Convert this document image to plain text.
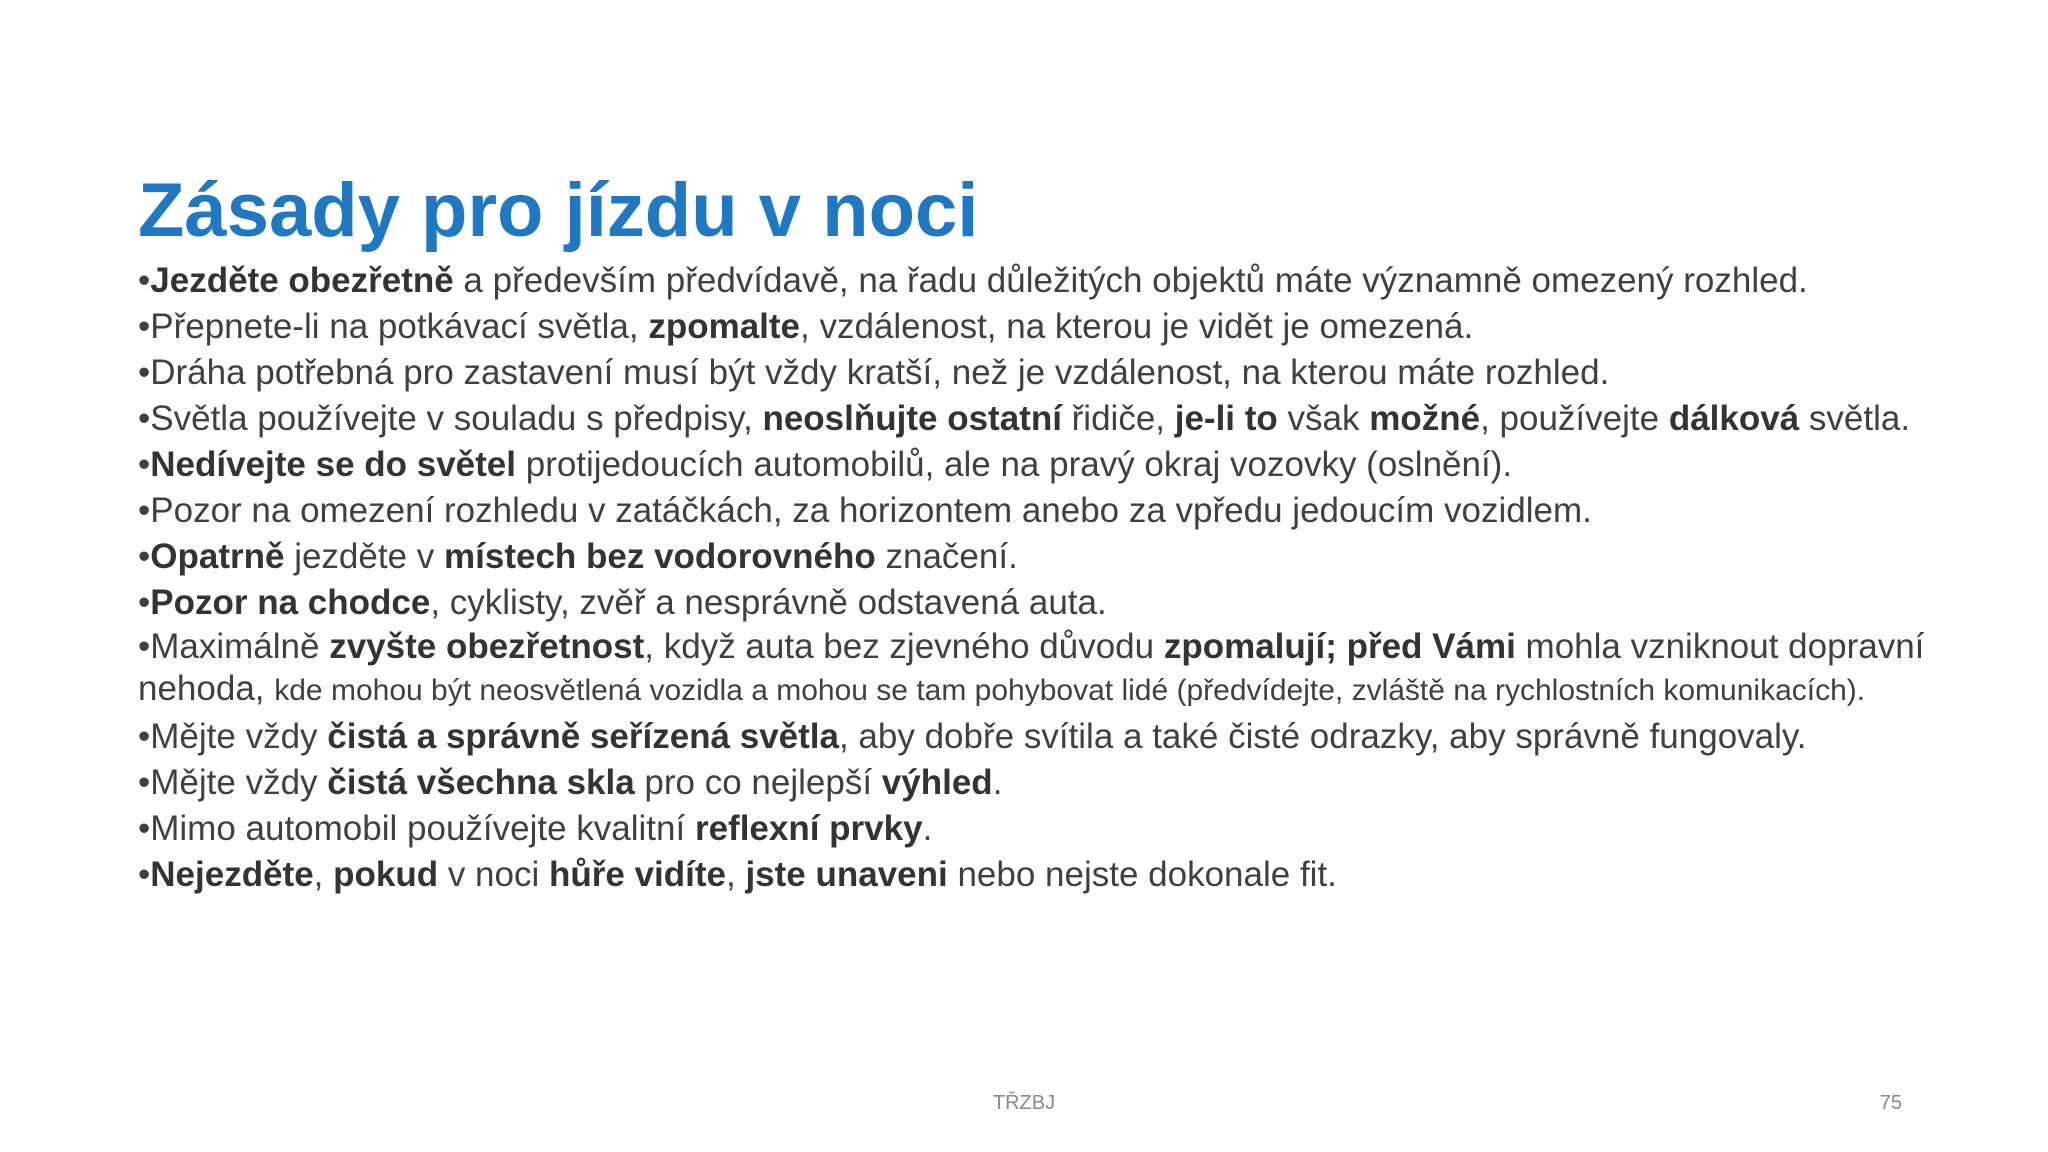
Zásady pro jízdu v noci
•Jezděte obezřetně a především předvídavě, na řadu důležitých objektů máte významně omezený rozhled.
•Přepnete-li na potkávací světla, zpomalte, vzdálenost, na kterou je vidět je omezená.
•Dráha potřebná pro zastavení musí být vždy kratší, než je vzdálenost, na kterou máte rozhled.
•Světla používejte v souladu s předpisy, neoslňujte ostatní řidiče, je-li to však možné, používejte dálková světla.
•Nedívejte se do světel protijedoucích automobilů, ale na pravý okraj vozovky (oslnění).
•Pozor na omezení rozhledu v zatáčkách, za horizontem anebo za vpředu jedoucím vozidlem.
•Opatrně jezděte v místech bez vodorovného značení.
•Pozor na chodce, cyklisty, zvěř a nesprávně odstavená auta.
•Maximálně zvyšte obezřetnost, když auta bez zjevného důvodu zpomalují; před Vámi mohla vzniknout dopravní nehoda, kde mohou být neosvětlená vozidla a mohou se tam pohybovat lidé (předvídejte, zvláště na rychlostních komunikacích).
•Mějte vždy čistá a správně seřízená světla, aby dobře svítila a také čisté odrazky, aby správně fungovaly.
•Mějte vždy čistá všechna skla pro co nejlepší výhled.
•Mimo automobil používejte kvalitní reflexní prvky.
•Nejezděte, pokud v noci hůře vidíte, jste unaveni nebo nejste dokonale fit.
TŘZBJ	75
